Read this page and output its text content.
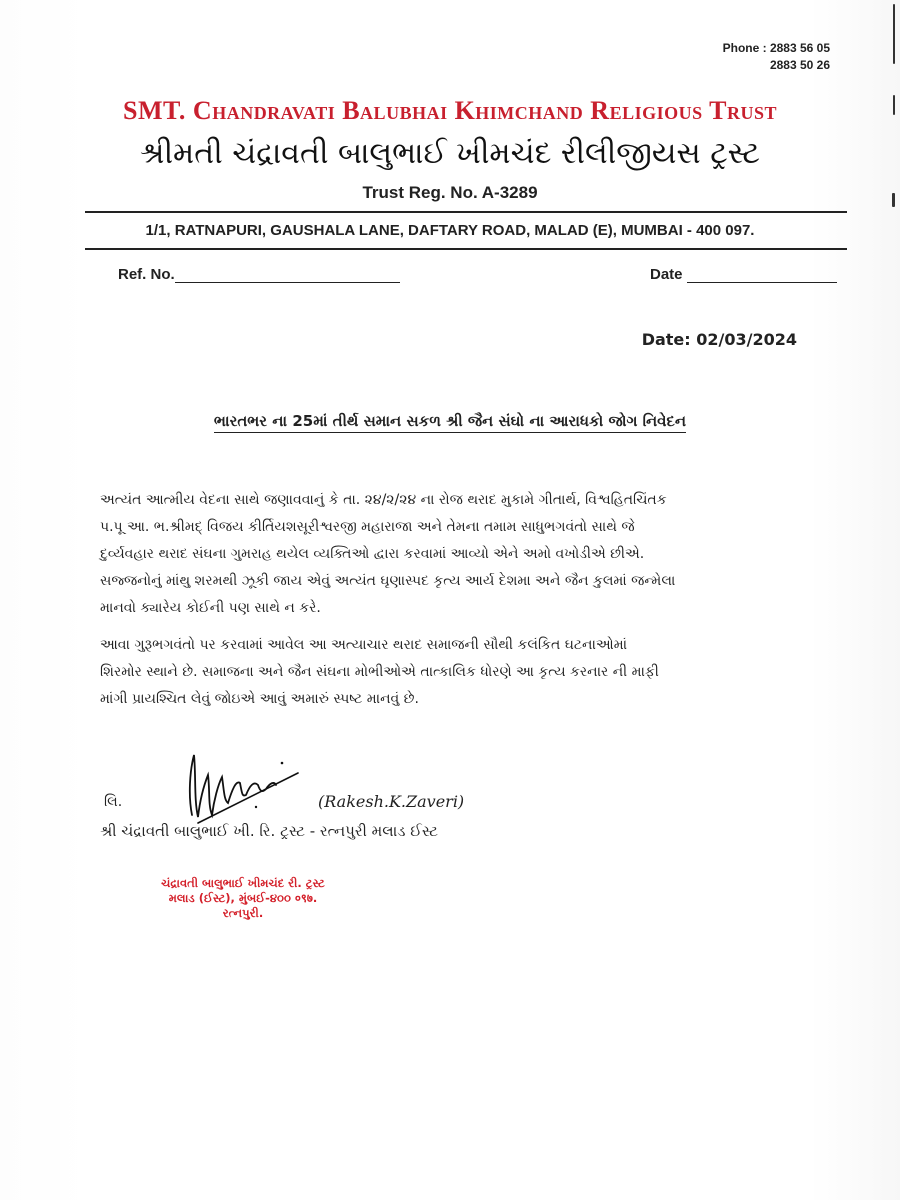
Phone : 2883 56 05
2883 50 26
SMT. Chandravati Balubhai Khimchand Religious Trust
શ્રીમતી ચંદ્રાવતી બાલુભાઈ ખીમચંદ રીલીજીયસ ટ્રસ્ટ
Trust Reg. No. A-3289
1/1, RATNAPURI, GAUSHALA LANE, DAFTARY ROAD, MALAD (E), MUMBAI - 400 097.
Ref. No.	Date
Date: 02/03/2024
ભારતભર ના 25માં તીર્થ સમાન સકળ શ્રી જૈન સંઘો ના આરાધકો જોગ નિવેદન
અત્યંત આત્મીય વેદના સાથે જણાવવાનું કે તા. ૨૪/૨/૨૪ ના રોજ થરાદ મુકામે ગીતાર્થ, વિશ્વહિતચિંતક
પ.પૂ આ. ભ.શ્રીમદ્ વિજય કીર્તિયશસૂરીશ્વરજી મહારાજા અને તેમના તમામ સાધુભગવંતો સાથે જે
દુર્વ્યવહાર થરાદ સંઘના ગુમરાહ થયેલ વ્યક્તિઓ દ્વારા કરવામાં આવ્યો એને અમો વખોડીએ છીએ.
સજ્જનોનું માંથુ શરમથી ઝૂકી જાય એવું અત્યંત ઘૃણાસ્પદ કૃત્ય આર્ય દેશમા અને જૈન કુલમાં જન્મેલા
માનવો ક્યારેય કોઈની પણ સાથે ન કરે.
આવા ગુરૂભગવંતો પર કરવામાં આવેલ આ અત્યાચાર થરાદ સમાજની સૌથી કલંકિત ઘટનાઓમાં
શિરમોર સ્થાને છે. સમાજના અને જૈન સંઘના મોભીઓએ તાત્કાલિક ધોરણે આ કૃત્ય કરનાર ની માફી
માંગી પ્રાયશ્ચિત લેવું જોઇએ આવું અમારું સ્પષ્ટ માનવું છે.
લિ.	(Rakesh.K.Zaveri)
શ્રી ચંદ્રાવતી બાલુભાઈ ખી. રિ. ટ્રસ્ટ - રત્નપુરી મલાડ ઈસ્ટ
ચંદ્રાવતી બાલુભાઈ ખીમચંદ રી. ટ્રસ્ટ
મલાડ (ઈસ્ટ), મુંબઈ-૪૦૦ ०९७.
રત્નપુરી.
